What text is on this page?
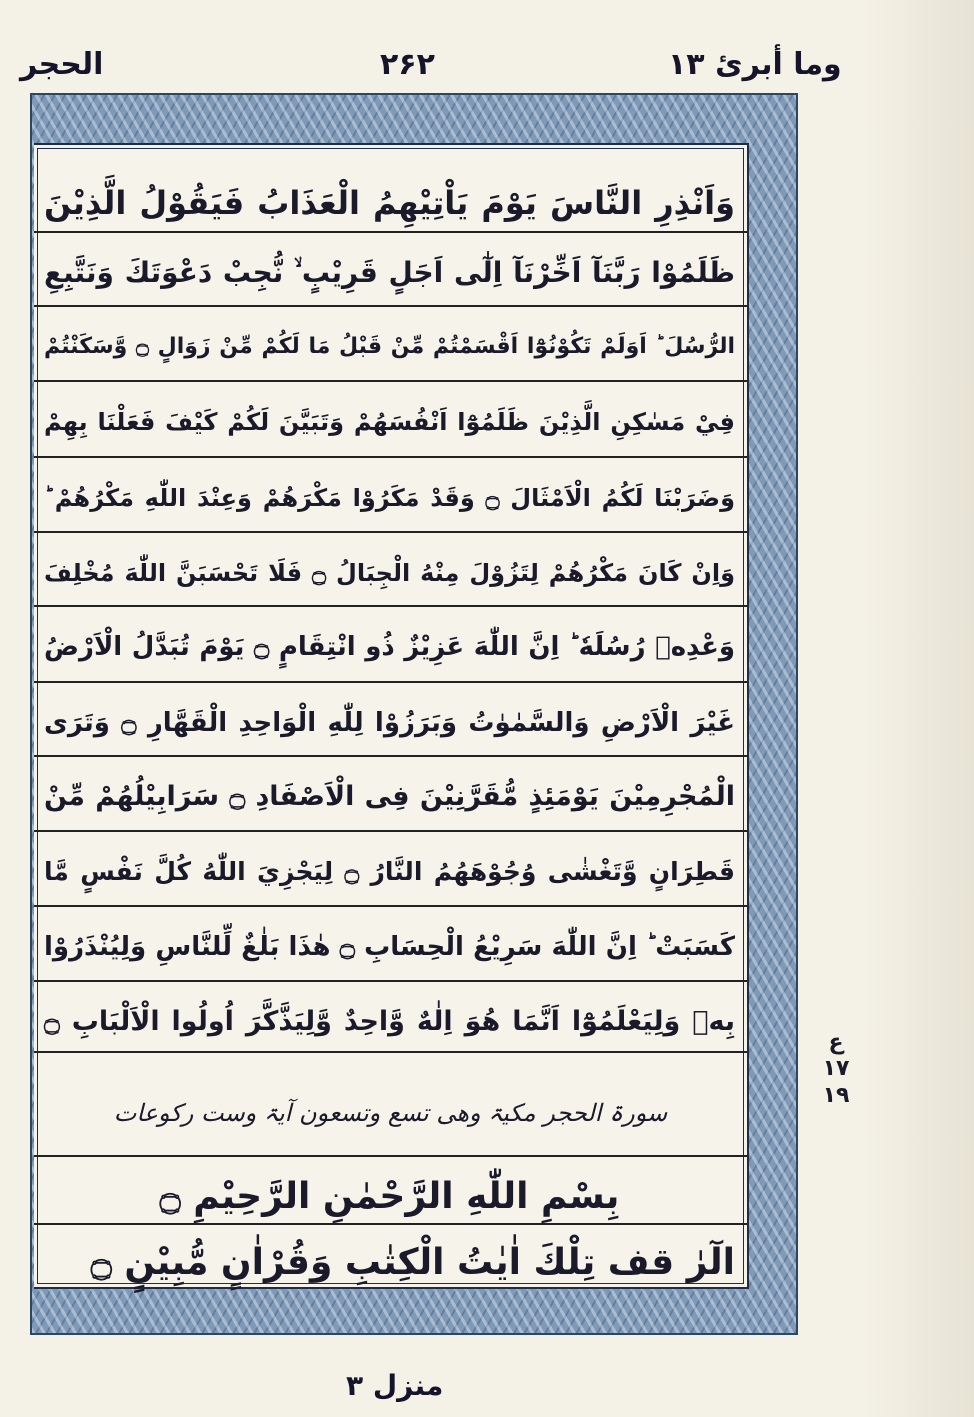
الحجر	۲۶۲	وما أبرئ ١٣
وَاَنْذِرِ النَّاسَ يَوْمَ يَاْتِيْهِمُ الْعَذَابُ فَيَقُوْلُ الَّذِيْنَ
ظَلَمُوْا رَبَّنَآ اَخِّرْنَآ اِلٰٓى اَجَلٍ قَرِيْبٍ ۙ نُّجِبْ دَعْوَتَكَ وَنَتَّبِعِ
الرُّسُلَ ؕ اَوَلَمْ تَكُوْنُوْٓا اَقْسَمْتُمْ مِّنْ قَبْلُ مَا لَكُمْ مِّنْ زَوَالٍ ۝ وَّسَكَنْتُمْ
فِيْ مَسٰكِنِ الَّذِيْنَ ظَلَمُوْٓا اَنْفُسَهُمْ وَتَبَيَّنَ لَكُمْ كَيْفَ فَعَلْنَا بِهِمْ
وَضَرَبْنَا لَكُمُ الْاَمْثَالَ ۝ وَقَدْ مَكَرُوْا مَكْرَهُمْ وَعِنْدَ اللّٰهِ مَكْرُهُمْ ؕ
وَاِنْ كَانَ مَكْرُهُمْ لِتَزُوْلَ مِنْهُ الْجِبَالُ ۝ فَلَا تَحْسَبَنَّ اللّٰهَ مُخْلِفَ
وَعْدِهٖ رُسُلَهٗ ؕ اِنَّ اللّٰهَ عَزِيْزٌ ذُو انْتِقَامٍ ۝ يَوْمَ تُبَدَّلُ الْاَرْضُ
غَيْرَ الْاَرْضِ وَالسَّمٰوٰتُ وَبَرَزُوْا لِلّٰهِ الْوَاحِدِ الْقَهَّارِ ۝ وَتَرَى
الْمُجْرِمِيْنَ يَوْمَئِذٍ مُّقَرَّنِيْنَ فِى الْاَصْفَادِ ۝ سَرَابِيْلُهُمْ مِّنْ
قَطِرَانٍ وَّتَغْشٰى وُجُوْهَهُمُ النَّارُ ۝ لِيَجْزِيَ اللّٰهُ كُلَّ نَفْسٍ مَّا
كَسَبَتْ ؕ اِنَّ اللّٰهَ سَرِيْعُ الْحِسَابِ ۝ هٰذَا بَلٰغٌ لِّلنَّاسِ وَلِيُنْذَرُوْا
بِهٖ وَلِيَعْلَمُوْٓا اَنَّمَا هُوَ اِلٰهٌ وَّاحِدٌ وَّلِيَذَّكَّرَ اُولُوا الْاَلْبَابِ ۝
سورۃ الحجر مکیۃ وھی تسع وتسعون آیۃ وست رکوعات
بِسْمِ اللّٰهِ الرَّحْمٰنِ الرَّحِيْمِ ۝
الٓرٰ قف تِلْكَ اٰيٰتُ الْكِتٰبِ وَقُرْاٰنٍ مُّبِيْنٍ ۝
ع
١٧
١٩
منزل ٣
